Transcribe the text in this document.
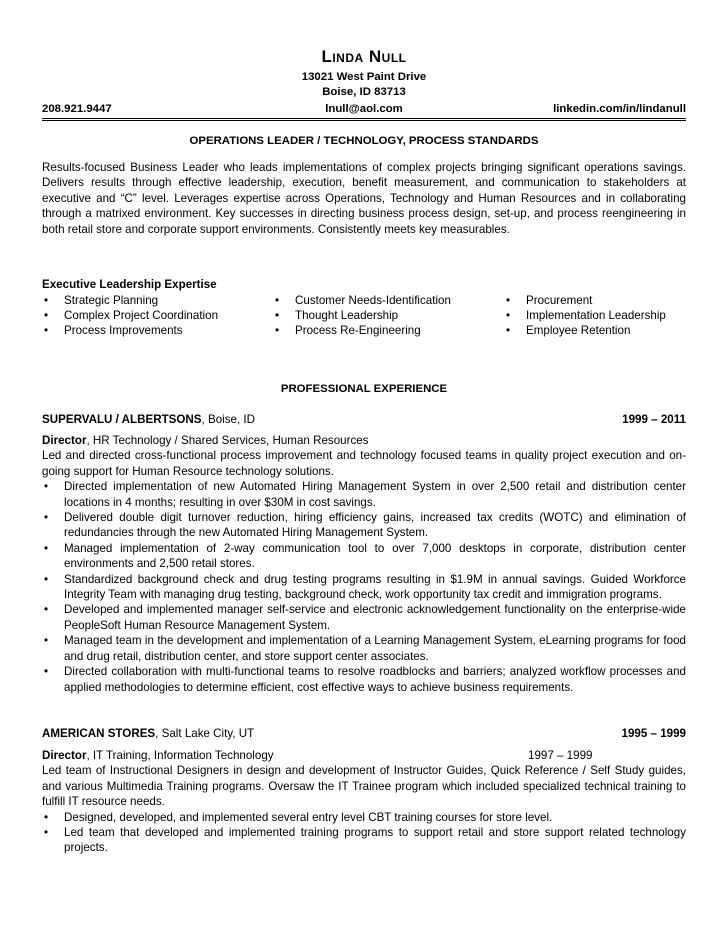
Linda Null
13021 West Paint Drive
Boise, ID 83713
208.921.9447	lnull@aol.com	linkedin.com/in/lindanull
OPERATIONS LEADER / TECHNOLOGY, PROCESS STANDARDS
Results-focused Business Leader who leads implementations of complex projects bringing significant operations savings. Delivers results through effective leadership, execution, benefit measurement, and communication to stakeholders at executive and “C” level. Leverages expertise across Operations, Technology and Human Resources and in collaborating through a matrixed environment. Key successes in directing business process design, set-up, and process reengineering in both retail store and corporate support environments. Consistently meets key measurables.
Executive Leadership Expertise
• Strategic Planning
• Complex Project Coordination
• Process Improvements
• Customer Needs-Identification
• Thought Leadership
• Process Re-Engineering
• Procurement
• Implementation Leadership
• Employee Retention
PROFESSIONAL EXPERIENCE
SUPERVALU / ALBERTSONS, Boise, ID	1999 – 2011
Director, HR Technology / Shared Services, Human Resources
Led and directed cross-functional process improvement and technology focused teams in quality project execution and on-going support for Human Resource technology solutions.
• Directed implementation of new Automated Hiring Management System in over 2,500 retail and distribution center locations in 4 months; resulting in over $30M in cost savings.
• Delivered double digit turnover reduction, hiring efficiency gains, increased tax credits (WOTC) and elimination of redundancies through the new Automated Hiring Management System.
• Managed implementation of 2-way communication tool to over 7,000 desktops in corporate, distribution center environments and 2,500 retail stores.
• Standardized background check and drug testing programs resulting in $1.9M in annual savings. Guided Workforce Integrity Team with managing drug testing, background check, work opportunity tax credit and immigration programs.
• Developed and implemented manager self-service and electronic acknowledgement functionality on the enterprise-wide PeopleSoft Human Resource Management System.
• Managed team in the development and implementation of a Learning Management System, eLearning programs for food and drug retail, distribution center, and store support center associates.
• Directed collaboration with multi-functional teams to resolve roadblocks and barriers; analyzed workflow processes and applied methodologies to determine efficient, cost effective ways to achieve business requirements.
AMERICAN STORES, Salt Lake City, UT	1995 – 1999
Director, IT Training, Information Technology	1997 – 1999
Led team of Instructional Designers in design and development of Instructor Guides, Quick Reference / Self Study guides, and various Multimedia Training programs. Oversaw the IT Trainee program which included specialized technical training to fulfill IT resource needs.
• Designed, developed, and implemented several entry level CBT training courses for store level.
• Led team that developed and implemented training programs to support retail and store support related technology projects.
